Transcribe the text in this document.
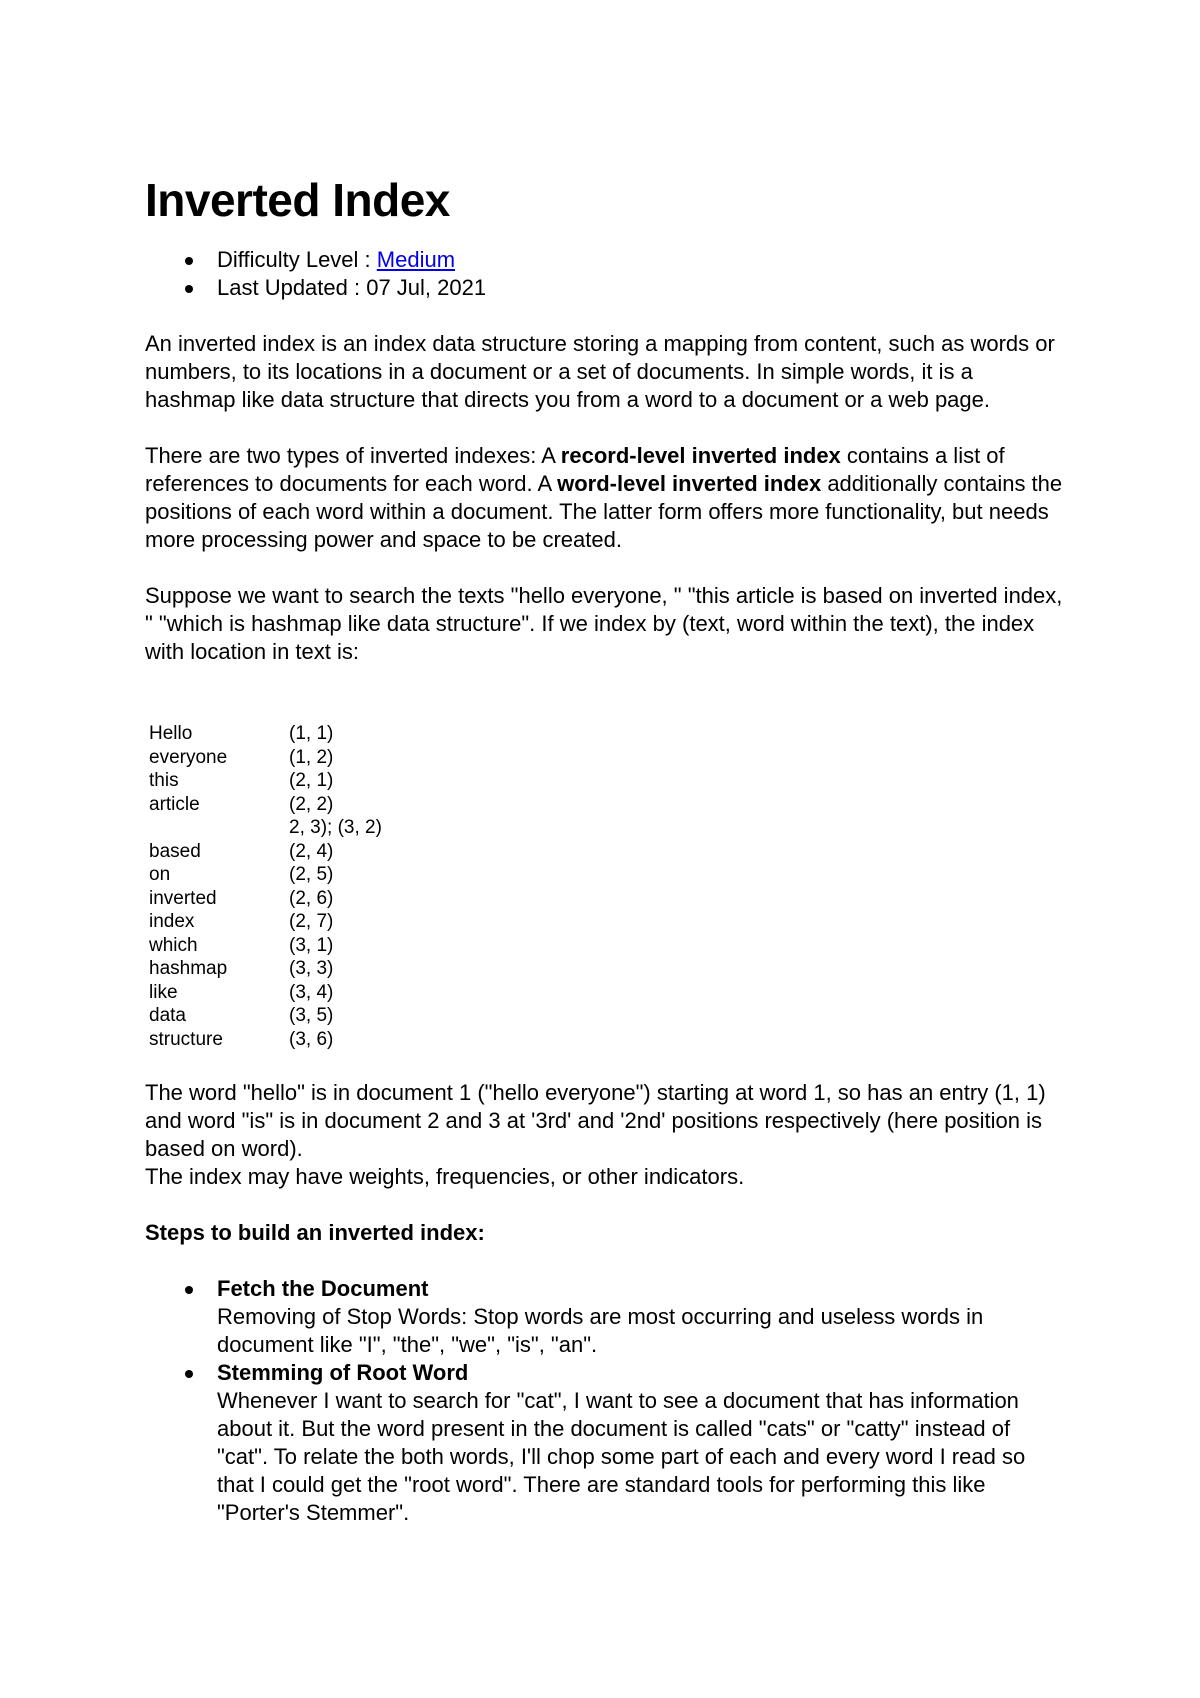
Inverted Index
Difficulty Level : Medium
Last Updated : 07 Jul, 2021

An inverted index is an index data structure storing a mapping from content, such as words or numbers, to its locations in a document or a set of documents. In simple words, it is a hashmap like data structure that directs you from a word to a document or a web page.

There are two types of inverted indexes: A record-level inverted index contains a list of references to documents for each word. A word-level inverted index additionally contains the positions of each word within a document. The latter form offers more functionality, but needs more processing power and space to be created.

Suppose we want to search the texts "hello everyone, " "this article is based on inverted index, " "which is hashmap like data structure". If we index by (text, word within the text), the index with location in text is:

Hello	(1, 1)
everyone	(1, 2)
this	(2, 1)
article	(2, 2)
	2, 3); (3, 2)
based	(2, 4)
on	(2, 5)
inverted	(2, 6)
index	(2, 7)
which	(3, 1)
hashmap	(3, 3)
like	(3, 4)
data	(3, 5)
structure	(3, 6)

The word "hello" is in document 1 ("hello everyone") starting at word 1, so has an entry (1, 1) and word "is" is in document 2 and 3 at '3rd' and '2nd' positions respectively (here position is based on word).
The index may have weights, frequencies, or other indicators.

Steps to build an inverted index:

Fetch the Document
Removing of Stop Words: Stop words are most occurring and useless words in document like "I", "the", "we", "is", "an".
Stemming of Root Word
Whenever I want to search for "cat", I want to see a document that has information about it. But the word present in the document is called "cats" or "catty" instead of "cat". To relate the both words, I'll chop some part of each and every word I read so that I could get the "root word". There are standard tools for performing this like "Porter's Stemmer".
